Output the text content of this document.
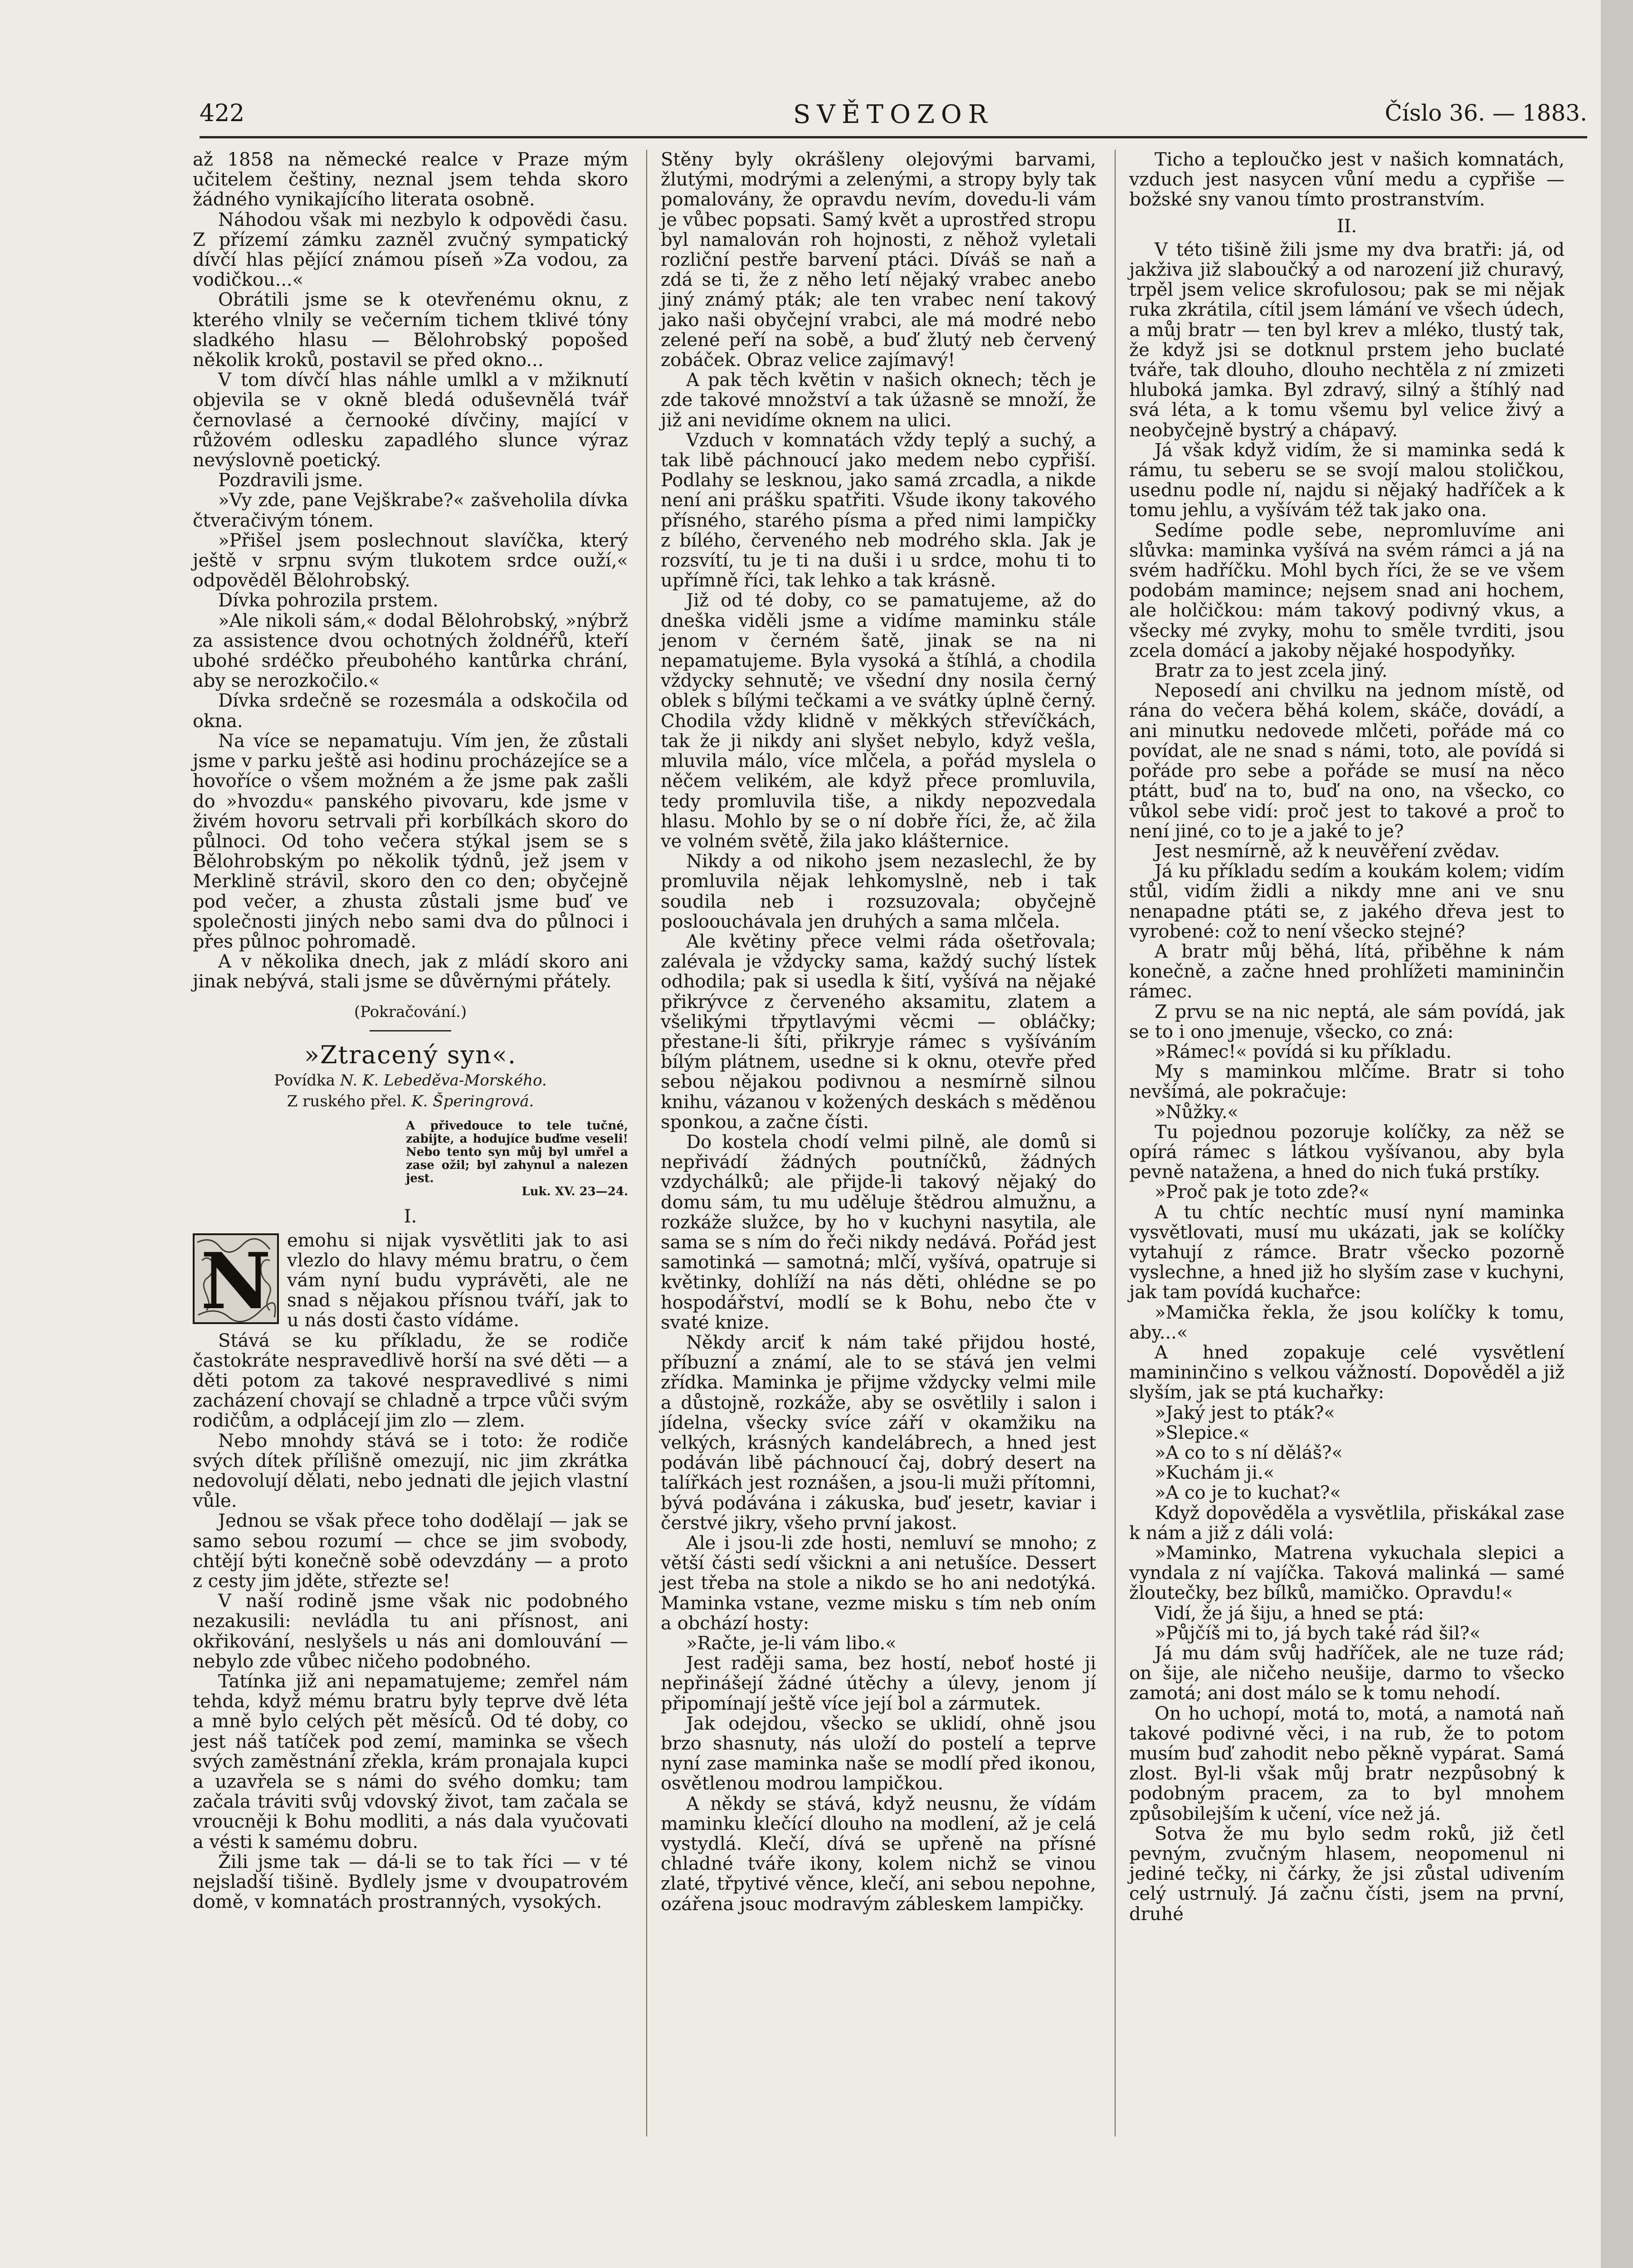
422	SVĚTOZOR	Číslo 36. — 1883.

až 1858 na německé realce v Praze mým učitelem češtiny, neznal jsem tehda skoro žádného vynikajícího literata osobně.

Náhodou však mi nezbylo k odpovědi času. Z přízemí zámku zazněl zvučný sympatický dívčí hlas pějící známou píseň »Za vodou, za vodičkou...«

Obrátili jsme se k otevřenému oknu, z kterého vlnily se večerním tichem tklivé tóny sladkého hlasu — Bělohrobský popošed několik kroků, postavil se před okno...

V tom dívčí hlas náhle umlkl a v mžiknutí objevila se v okně bledá oduševnělá tvář černovlasé a černooké dívčiny, mající v růžovém odlesku zapadlého slunce výraz nevýslovně poetický.

Pozdravili jsme.

»Vy zde, pane Vejškrabe?« zašveholila dívka čtveračivým tónem.

»Přišel jsem poslechnout slavíčka, který ještě v srpnu svým tlukotem srdce ouží,« odpověděl Bělohrobský.

Dívka pohrozila prstem.

»Ale nikoli sám,« dodal Bělohrobský, »nýbrž za assistence dvou ochotných žoldnéřů, kteří ubohé srdéčko přeubohého kantůrka chrání, aby se nerozkočilo.«

Dívka srdečně se rozesmála a odskočila od okna.

Na více se nepamatuju. Vím jen, že zůstali jsme v parku ještě asi hodinu procházejíce se a hovoříce o všem možném a že jsme pak zašli do »hvozdu« panského pivovaru, kde jsme v živém hovoru setrvali při korbílkách skoro do půlnoci. Od toho večera stýkal jsem se s Bělohrobským po několik týdnů, jež jsem v Merklině strávil, skoro den co den; obyčejně pod večer, a zhusta zůstali jsme buď ve společnosti jiných nebo sami dva do půlnoci i přes půlnoc pohromadě.

A v několika dnech, jak z mládí skoro ani jinak nebývá, stali jsme se důvěrnými přátely.

(Pokračování.)
»Ztracený syn«.
Povídka N. K. Lebeděva-Morského.
Z ruského přel. K. Šperingrová.
A přivedouce to tele tučné, zabijte, a hodujíce buďme veseli! Nebo tento syn můj byl umřel a zase ožil; byl zahynul a nalezen jest.
Luk. XV. 23—24.
I.

N emohu si nijak vysvětliti jak to asi vlezlo do hlavy mému bratru, o čem vám nyní budu vyprávěti, ale ne snad s nějakou přísnou tváří, jak to u nás dosti často vídáme.

Stává se ku příkladu, že se rodiče častokráte nespravedlivě horší na své děti — a děti potom za takové nespravedlivé s nimi zacházení chovají se chladně a trpce vůči svým rodičům, a odplácejí jim zlo — zlem.

Nebo mnohdy stává se i toto: že rodiče svých dítek přílišně omezují, nic jim zkrátka nedovolují dělati, nebo jednati dle jejich vlastní vůle.

Jednou se však přece toho dodělají — jak se samo sebou rozumí — chce se jim svobody, chtějí býti konečně sobě odevzdány — a proto z cesty jim jděte, střezte se!

V naší rodině jsme však nic podobného nezakusili: nevládla tu ani přísnost, ani okřikování, neslyšels u nás ani domlouvání — nebylo zde vůbec ničeho podobného.

Tatínka již ani nepamatujeme; zemřel nám tehda, když mému bratru byly teprve dvě léta a mně bylo celých pět měsíců. Od té doby, co jest náš tatíček pod zemí, maminka se všech svých zaměstnání zřekla, krám pronajala kupci a uzavřela se s námi do svého domku; tam začala tráviti svůj vdovský život, tam začala se vroucněji k Bohu modliti, a nás dala vyučovati a vésti k samému dobru.

Žili jsme tak — dá-li se to tak říci — v té nejsladší tišině. Bydlely jsme v dvoupatrovém domě, v komnatách prostranných, vysokých.

Stěny byly okrášleny olejovými barvami, žlutými, modrými a zelenými, a stropy byly tak pomalovány, že opravdu nevím, dovedu-li vám je vůbec popsati. Samý květ a uprostřed stropu byl namalován roh hojnosti, z něhož vyletali rozliční pestře barvení ptáci. Díváš se naň a zdá se ti, že z něho letí nějaký vrabec anebo jiný známý pták; ale ten vrabec není takový jako naši obyčejní vrabci, ale má modré nebo zelené peří na sobě, a buď žlutý neb červený zobáček. Obraz velice zajímavý!

A pak těch květin v našich oknech; těch je zde takové množství a tak úžasně se množí, že již ani nevidíme oknem na ulici.

Vzduch v komnatách vždy teplý a suchý, a tak libě páchnoucí jako medem nebo cypřiší. Podlahy se lesknou, jako samá zrcadla, a nikde není ani prášku spatřiti. Všude ikony takového přísného, starého písma a před nimi lampičky z bílého, červeného neb modrého skla. Jak je rozsvítí, tu je ti na duši i u srdce, mohu ti to upřímně říci, tak lehko a tak krásně.

Již od té doby, co se pamatujeme, až do dneška viděli jsme a vidíme maminku stále jenom v černém šatě, jinak se na ni nepamatujeme. Byla vysoká a štíhlá, a chodila vždycky sehnutě; ve všední dny nosila černý oblek s bílými tečkami a ve svátky úplně černý. Chodila vždy klidně v měkkých střevíčkách, tak že ji nikdy ani slyšet nebylo, když vešla, mluvila málo, více mlčela, a pořád myslela o něčem velikém, ale když přece promluvila, tedy promluvila tiše, a nikdy nepozvedala hlasu. Mohlo by se o ní dobře říci, že, ač žila ve volném světě, žila jako klášternice.

Nikdy a od nikoho jsem nezaslechl, že by promluvila nějak lehkomyslně, neb i tak soudila neb i rozsuzovala; obyčejně posloouchávala jen druhých a sama mlčela.

Ale květiny přece velmi ráda ošetřovala; zalévala je vždycky sama, každý suchý lístek odhodila; pak si usedla k šití, vyšívá na nějaké přikrývce z červeného aksamitu, zlatem a všelikými třpytlavými věcmi — obláčky; přestane-li šíti, přikryje rámec s vyšíváním bílým plátnem, usedne si k oknu, otevře před sebou nějakou podivnou a nesmírně silnou knihu, vázanou v kožených deskách s měděnou sponkou, a začne čísti.

Do kostela chodí velmi pilně, ale domů si nepřivádí žádných poutníčků, žádných vzdychálků; ale přijde-li takový nějaký do domu sám, tu mu uděluje štědrou almužnu, a rozkáže služce, by ho v kuchyni nasytila, ale sama se s ním do řeči nikdy nedává. Pořád jest samotinká — samotná; mlčí, vyšívá, opatruje si květinky, dohlíží na nás děti, ohlédne se po hospodářství, modlí se k Bohu, nebo čte v svaté knize.

Někdy arciť k nám také přijdou hosté, příbuzní a známí, ale to se stává jen velmi zřídka. Maminka je přijme vždycky velmi mile a důstojně, rozkáže, aby se osvětlily i salon i jídelna, všecky svíce září v okamžiku na velkých, krásných kandelábrech, a hned jest podáván libě páchnoucí čaj, dobrý desert na talířkách jest roznášen, a jsou-li muži přítomni, bývá podávána i zákuska, buď jesetr, kaviar i čerstvé jikry, všeho první jakost.

Ale i jsou-li zde hosti, nemluví se mnoho; z větší části sedí všickni a ani netušíce. Dessert jest třeba na stole a nikdo se ho ani nedotýká. Maminka vstane, vezme misku s tím neb oním a obchází hosty:

»Račte, je-li vám libo.«

Jest raději sama, bez hostí, neboť hosté ji nepřinášejí žádné útěchy a úlevy, jenom jí připomínají ještě více její bol a zármutek.

Jak odejdou, všecko se uklidí, ohně jsou brzo shasnuty, nás uloží do postelí a teprve nyní zase maminka naše se modlí před ikonou, osvětlenou modrou lampičkou.

A někdy se stává, když neusnu, že vídám maminku klečící dlouho na modlení, až je celá vystydlá. Klečí, dívá se upřeně na přísné chladné tváře ikony, kolem nichž se vinou zlaté, třpytivé věnce, klečí, ani sebou nepohne, ozářena jsouc modravým zábleskem lampičky.

Ticho a teploučko jest v našich komnatách, vzduch jest nasycen vůní medu a cypřiše — božské sny vanou tímto prostranstvím.

II.

V této tišině žili jsme my dva bratři: já, od jakživa již slaboučký a od narození již churavý, trpěl jsem velice skrofulosou; pak se mi nějak ruka zkrátila, cítil jsem lámání ve všech údech, a můj bratr — ten byl krev a mléko, tlustý tak, že když jsi se dotknul prstem jeho buclaté tváře, tak dlouho, dlouho nechtěla z ní zmizeti hluboká jamka. Byl zdravý, silný a štíhlý nad svá léta, a k tomu všemu byl velice živý a neobyčejně bystrý a chápavý.

Já však když vidím, že si maminka sedá k rámu, tu seberu se se svojí malou stoličkou, usednu podle ní, najdu si nějaký hadříček a k tomu jehlu, a vyšívám též tak jako ona.

Sedíme podle sebe, nepromluvíme ani slůvka: maminka vyšívá na svém rámci a já na svém hadříčku. Mohl bych říci, že se ve všem podobám mamince; nejsem snad ani hochem, ale holčičkou: mám takový podivný vkus, a všecky mé zvyky, mohu to směle tvrditi, jsou zcela domácí a jakoby nějaké hospodyňky.

Bratr za to jest zcela jiný.

Neposedí ani chvilku na jednom místě, od rána do večera běhá kolem, skáče, dovádí, a ani minutku nedovede mlčeti, pořáde má co povídat, ale ne snad s námi, toto, ale povídá si pořáde pro sebe a pořáde se musí na něco ptátt, buď na to, buď na ono, na všecko, co vůkol sebe vidí: proč jest to takové a proč to není jiné, co to je a jaké to je?

Jest nesmírně, až k neuvěření zvědav.

Já ku příkladu sedím a koukám kolem; vidím stůl, vidím židli a nikdy mne ani ve snu nenapadne ptáti se, z jakého dřeva jest to vyrobené: což to není všecko stejné?

A bratr můj běhá, lítá, přiběhne k nám konečně, a začne hned prohlížeti mamininčin rámec.

Z prvu se na nic neptá, ale sám povídá, jak se to i ono jmenuje, všecko, co zná:

»Rámec!« povídá si ku příkladu.

My s maminkou mlčíme. Bratr si toho nevšímá, ale pokračuje:

»Nůžky.«

Tu pojednou pozoruje kolíčky, za něž se opírá rámec s látkou vyšívanou, aby byla pevně natažena, a hned do nich ťuká prstíky.

»Proč pak je toto zde?«

A tu chtíc nechtíc musí nyní maminka vysvětlovati, musí mu ukázati, jak se kolíčky vytahují z rámce. Bratr všecko pozorně vyslechne, a hned již ho slyším zase v kuchyni, jak tam povídá kuchařce:

»Mamička řekla, že jsou kolíčky k tomu, aby...«

A hned zopakuje celé vysvětlení mamininčino s velkou vážností. Dopověděl a již slyším, jak se ptá kuchařky:

»Jaký jest to pták?«

»Slepice.«

»A co to s ní děláš?«

»Kuchám ji.«

»A co je to kuchat?«

Když dopověděla a vysvětlila, přiskákal zase k nám a již z dáli volá:

»Maminko, Matrena vykuchala slepici a vyndala z ní vajíčka. Taková malinká — samé žloutečky, bez bílků, mamičko. Opravdu!«

Vidí, že já šiju, a hned se ptá:

»Půjčíš mi to, já bych také rád šil?«

Já mu dám svůj hadříček, ale ne tuze rád; on šije, ale ničeho neušije, darmo to všecko zamotá; ani dost málo se k tomu nehodí.

On ho uchopí, motá to, motá, a namotá naň takové podivné věci, i na rub, že to potom musím buď zahodit nebo pěkně vypárat. Samá zlost. Byl-li však můj bratr nezpůsobný k podobným pracem, za to byl mnohem způsobilejším k učení, více než já.

Sotva že mu bylo sedm roků, již četl pevným, zvučným hlasem, neopomenul ni jediné tečky, ni čárky, že jsi zůstal udivením celý ustrnulý. Já začnu čísti, jsem na první, druhé
